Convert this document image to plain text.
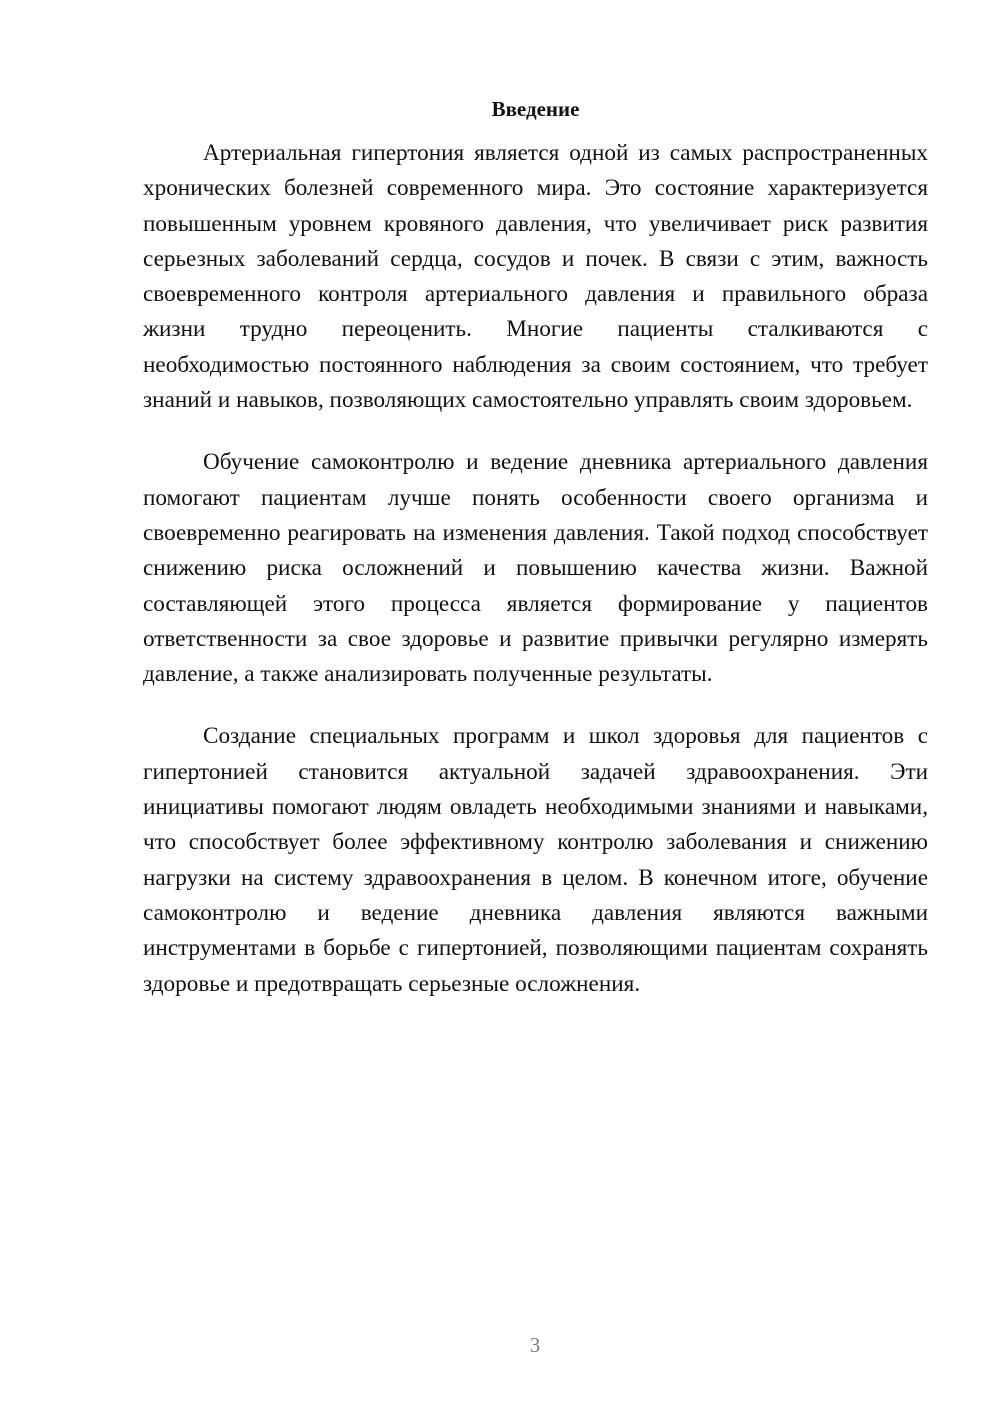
Введение

Артериальная гипертония является одной из самых распространенных хронических болезней современного мира. Это состояние характеризуется повышенным уровнем кровяного давления, что увеличивает риск развития серьезных заболеваний сердца, сосудов и почек. В связи с этим, важность своевременного контроля артериального давления и правильного образа жизни трудно переоценить. Многие пациенты сталкиваются с необходимостью постоянного наблюдения за своим состоянием, что требует знаний и навыков, позволяющих самостоятельно управлять своим здоровьем.

Обучение самоконтролю и ведение дневника артериального давления помогают пациентам лучше понять особенности своего организма и своевременно реагировать на изменения давления. Такой подход способствует снижению риска осложнений и повышению качества жизни. Важной составляющей этого процесса является формирование у пациентов ответственности за свое здоровье и развитие привычки регулярно измерять давление, а также анализировать полученные результаты.

Создание специальных программ и школ здоровья для пациентов с гипертонией становится актуальной задачей здравоохранения. Эти инициативы помогают людям овладеть необходимыми знаниями и навыками, что способствует более эффективному контролю заболевания и снижению нагрузки на систему здравоохранения в целом. В конечном итоге, обучение самоконтролю и ведение дневника давления являются важными инструментами в борьбе с гипертонией, позволяющими пациентам сохранять здоровье и предотвращать серьезные осложнения.

3
